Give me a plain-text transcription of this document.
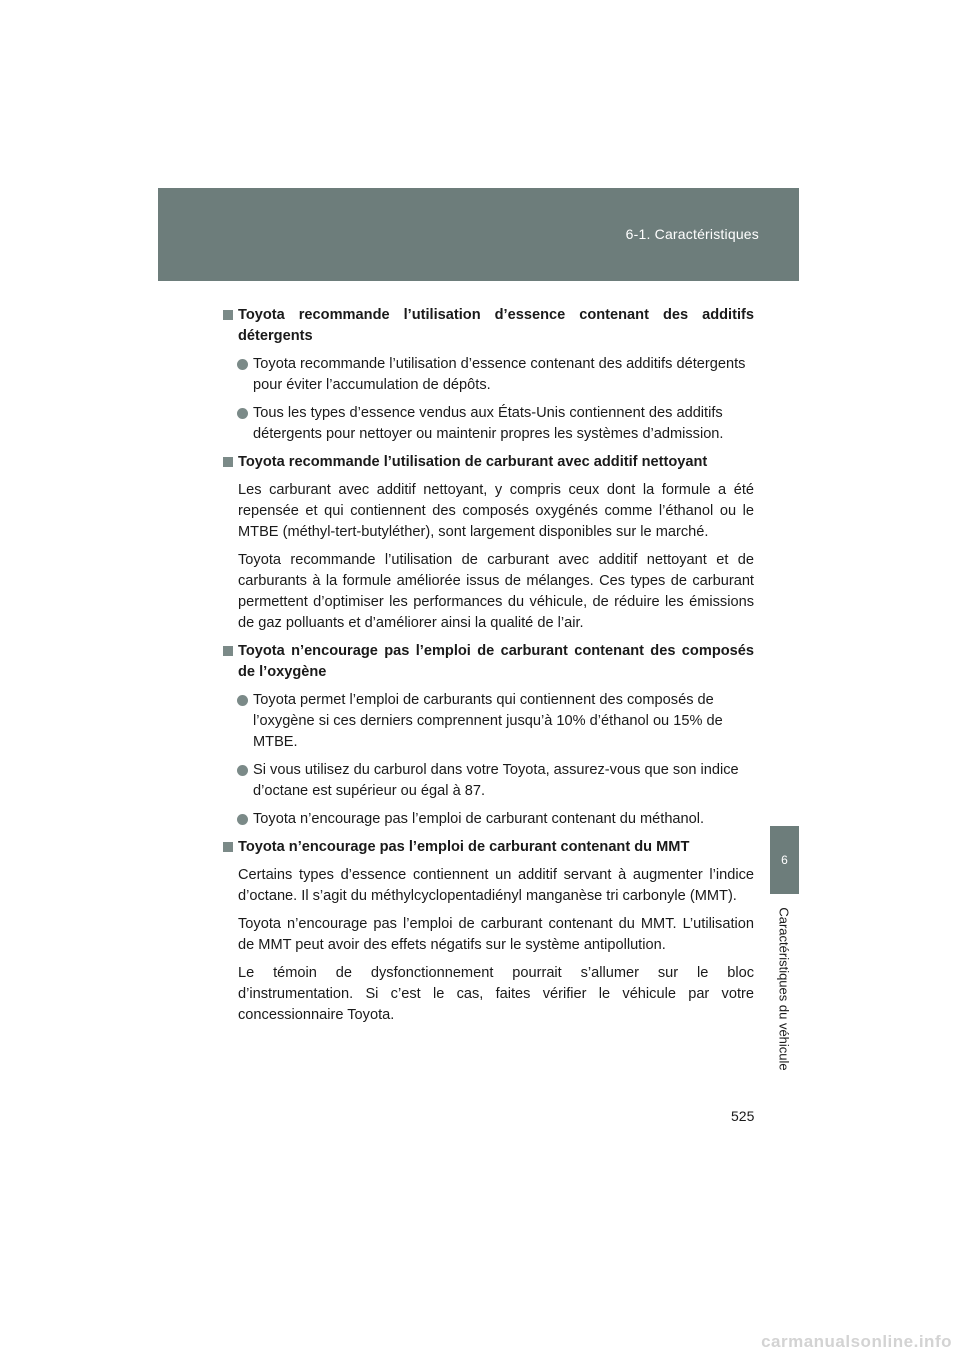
6-1. Caractéristiques
6
Caractéristiques du véhicule
Toyota recommande l’utilisation d’essence contenant des additifs détergents
Toyota recommande l’utilisation d’essence contenant des additifs détergents pour éviter l’accumulation de dépôts.
Tous les types d’essence vendus aux États-Unis contiennent des additifs détergents pour nettoyer ou maintenir propres les systèmes d’admission.
Toyota recommande l’utilisation de carburant avec additif nettoyant
Les carburant avec additif nettoyant, y compris ceux dont la formule a été repensée et qui contiennent des composés oxygénés comme l’éthanol ou le MTBE (méthyl-tert-butyléther), sont largement disponibles sur le marché.
Toyota recommande l’utilisation de carburant avec additif nettoyant et de carburants à la formule améliorée issus de mélanges. Ces types de carburant permettent d’optimiser les performances du véhicule, de réduire les émissions de gaz polluants et d’améliorer ainsi la qualité de l’air.
Toyota n’encourage pas l’emploi de carburant contenant des composés de l’oxygène
Toyota permet l’emploi de carburants qui contiennent des composés de l’oxygène si ces derniers comprennent jusqu’à 10% d’éthanol ou 15% de MTBE.
Si vous utilisez du carburol dans votre Toyota, assurez-vous que son indice d’octane est supérieur ou égal à 87.
Toyota n’encourage pas l’emploi de carburant contenant du méthanol.
Toyota n’encourage pas l’emploi de carburant contenant du MMT
Certains types d’essence contiennent un additif servant à augmenter l’indice d’octane. Il s’agit du méthylcyclopentadiényl manganèse tri carbonyle (MMT).
Toyota n’encourage pas l’emploi de carburant contenant du MMT. L’utilisation de MMT peut avoir des effets négatifs sur le système antipollution.
Le témoin de dysfonctionnement pourrait s’allumer sur le bloc d’instrumentation. Si c’est le cas, faites vérifier le véhicule par votre concessionnaire Toyota.
525
carmanualsonline.info
